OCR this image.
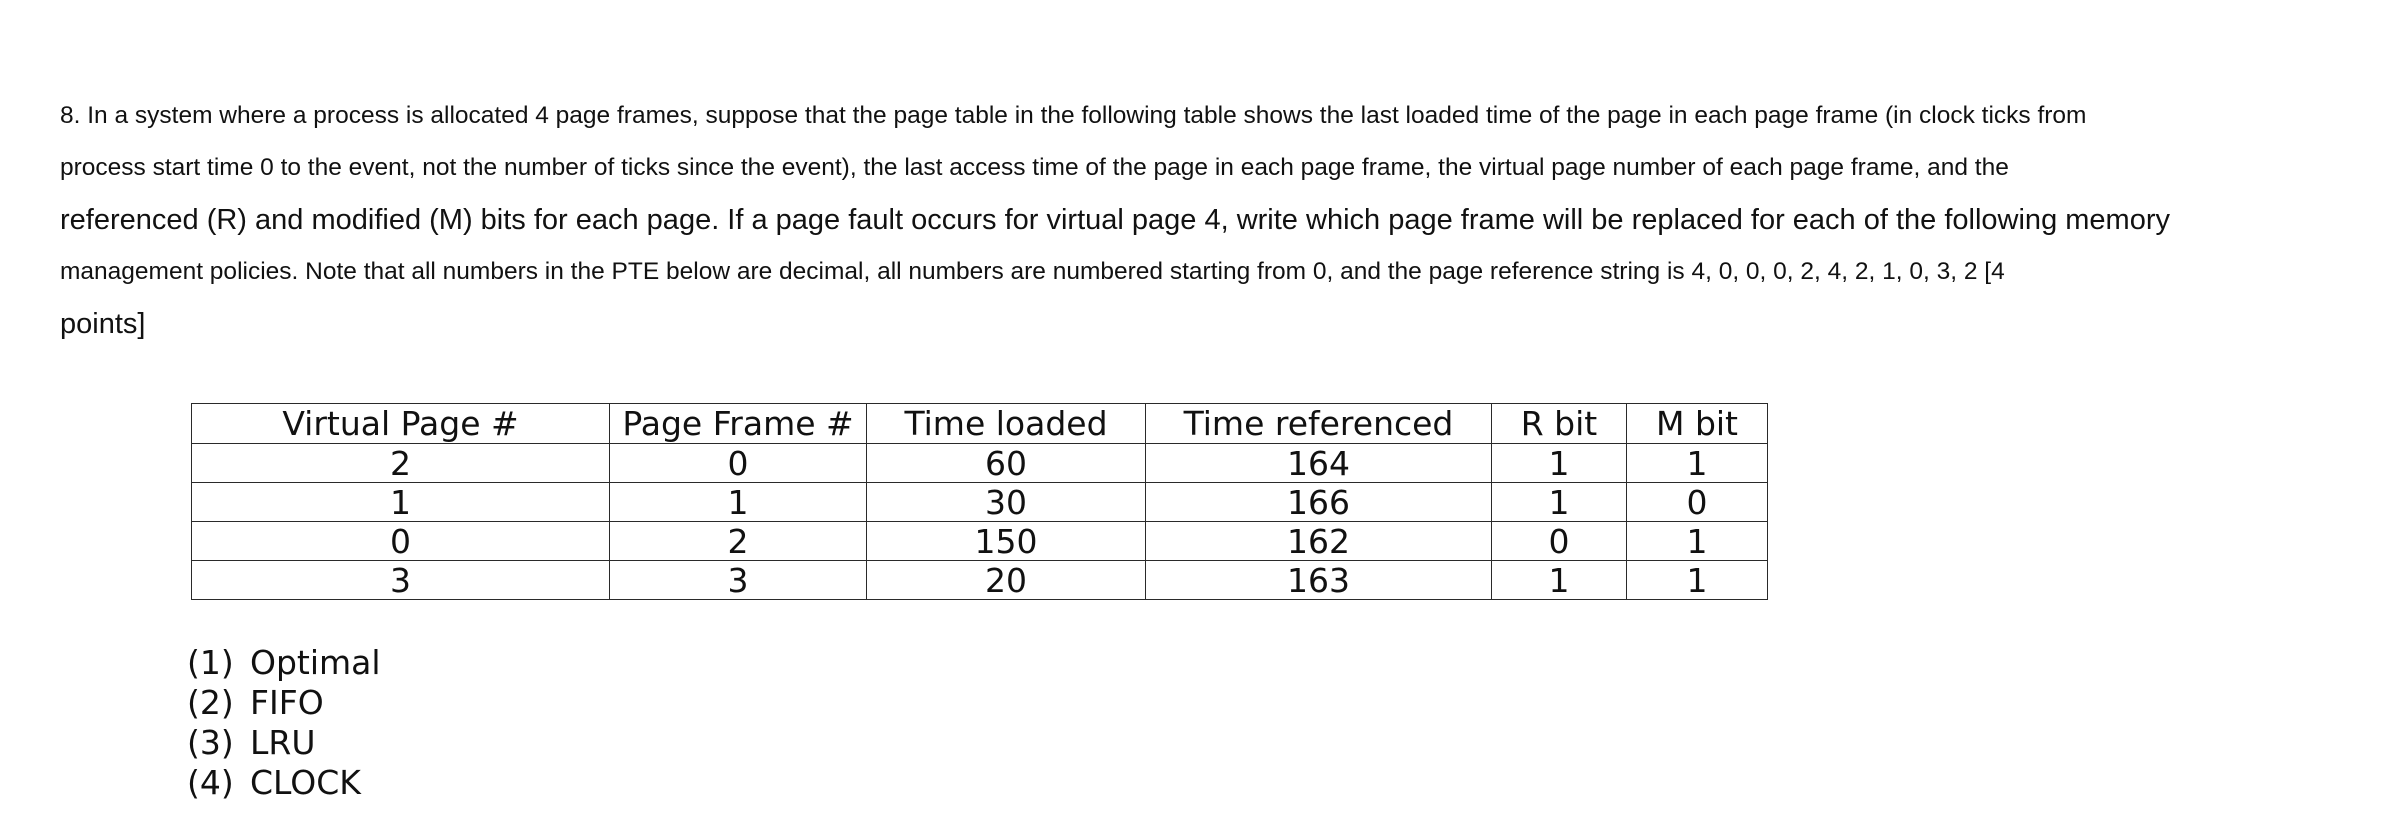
8. In a system where a process is allocated 4 page frames, suppose that the page table in the following table shows the last loaded time of the page in each page frame (in clock ticks from

process start time 0 to the event, not the number of ticks since the event), the last access time of the page in each page frame, the virtual page number of each page frame, and the

referenced (R) and modified (M) bits for each page. If a page fault occurs for virtual page 4, write which page frame will be replaced for each of the following memory

management policies. Note that all numbers in the PTE below are decimal, all numbers are numbered starting from 0, and the page reference string is 4, 0, 0, 0, 2, 4, 2, 1, 0, 3, 2 [4

points]

Virtual Page #	Page Frame #	Time loaded	Time referenced	R bit	M bit
2	0	60	164	1	1
1	1	30	166	1	0
0	2	150	162	0	1
3	3	20	163	1	1
(1) Optimal
(2) FIFO
(3) LRU
(4) CLOCK
